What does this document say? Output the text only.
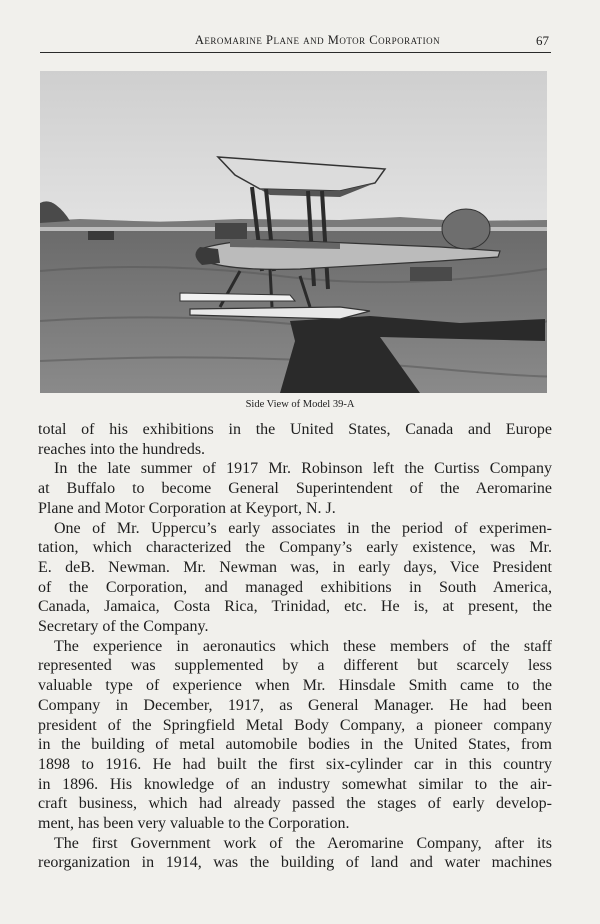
Aeromarine Plane and Motor Corporation	67
Side View of Model 39-A

total of his exhibitions in the United States, Canada and Europe
reaches into the hundreds.

In the late summer of 1917 Mr. Robinson left the Curtiss Company
at Buffalo to become General Superintendent of the Aeromarine
Plane and Motor Corporation at Keyport, N. J.

One of Mr. Uppercu’s early associates in the period of experimen-
tation, which characterized the Company’s early existence, was Mr.
E. deB. Newman. Mr. Newman was, in early days, Vice President
of the Corporation, and managed exhibitions in South America,
Canada, Jamaica, Costa Rica, Trinidad, etc. He is, at present, the
Secretary of the Company.

The experience in aeronautics which these members of the staff
represented was supplemented by a different but scarcely less
valuable type of experience when Mr. Hinsdale Smith came to the
Company in December, 1917, as General Manager. He had been
president of the Springfield Metal Body Company, a pioneer company
in the building of metal automobile bodies in the United States, from
1898 to 1916. He had built the first six-cylinder car in this country
in 1896. His knowledge of an industry somewhat similar to the air-
craft business, which had already passed the stages of early develop-
ment, has been very valuable to the Corporation.

The first Government work of the Aeromarine Company, after its
reorganization in 1914, was the building of land and water machines
